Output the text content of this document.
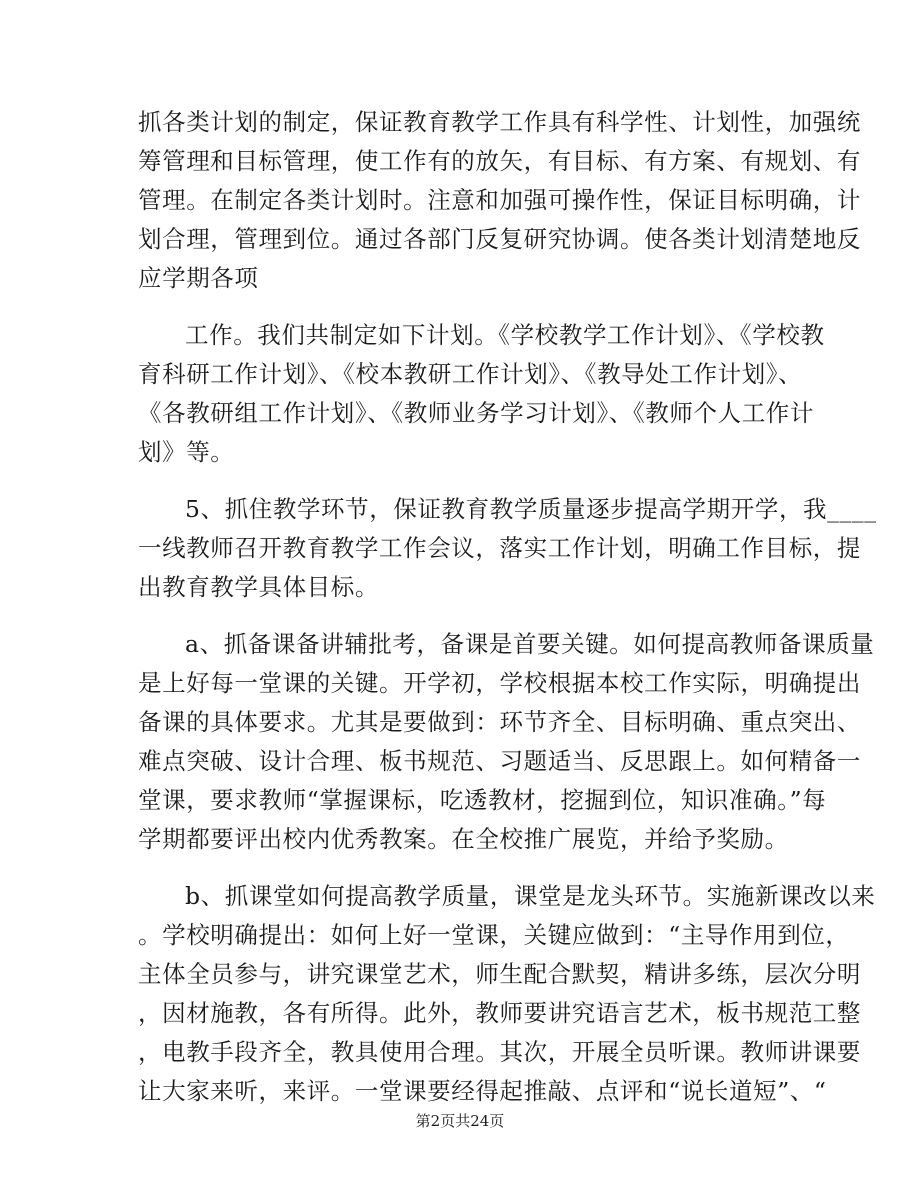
抓各类计划的制定，保证教育教学工作具有科学性、计划性，加强统
筹管理和目标管理，使工作有的放矢，有目标、有方案、有规划、有
管理。在制定各类计划时。注意和加强可操作性，保证目标明确，计
划合理，管理到位。通过各部门反复研究协调。使各类计划清楚地反
应学期各项
工作。我们共制定如下计划。《学校教学工作计划》、《学校教
育科研工作计划》、《校本教研工作计划》、《教导处工作计划》、
《各教研组工作计划》、《教师业务学习计划》、《教师个人工作计
划》等。
5、抓住教学环节，保证教育教学质量逐步提高学期开学，我____
一线教师召开教育教学工作会议，落实工作计划，明确工作目标，提
出教育教学具体目标。
a、抓备课备讲辅批考，备课是首要关键。如何提高教师备课质量
是上好每一堂课的关键。开学初，学校根据本校工作实际，明确提出
备课的具体要求。尤其是要做到：环节齐全、目标明确、重点突出、
难点突破、设计合理、板书规范、习题适当、反思跟上。如何精备一
堂课，要求教师“掌握课标，吃透教材，挖掘到位，知识准确。”每
学期都要评出校内优秀教案。在全校推广展览，并给予奖励。
b、抓课堂如何提高教学质量，课堂是龙头环节。实施新课改以来
。学校明确提出：如何上好一堂课，关键应做到：“主导作用到位，
主体全员参与，讲究课堂艺术，师生配合默契，精讲多练，层次分明
，因材施教，各有所得。此外，教师要讲究语言艺术，板书规范工整
，电教手段齐全，教具使用合理。其次，开展全员听课。教师讲课要
让大家来听，来评。一堂课要经得起推敲、点评和“说长道短”、“
第2页共24页
